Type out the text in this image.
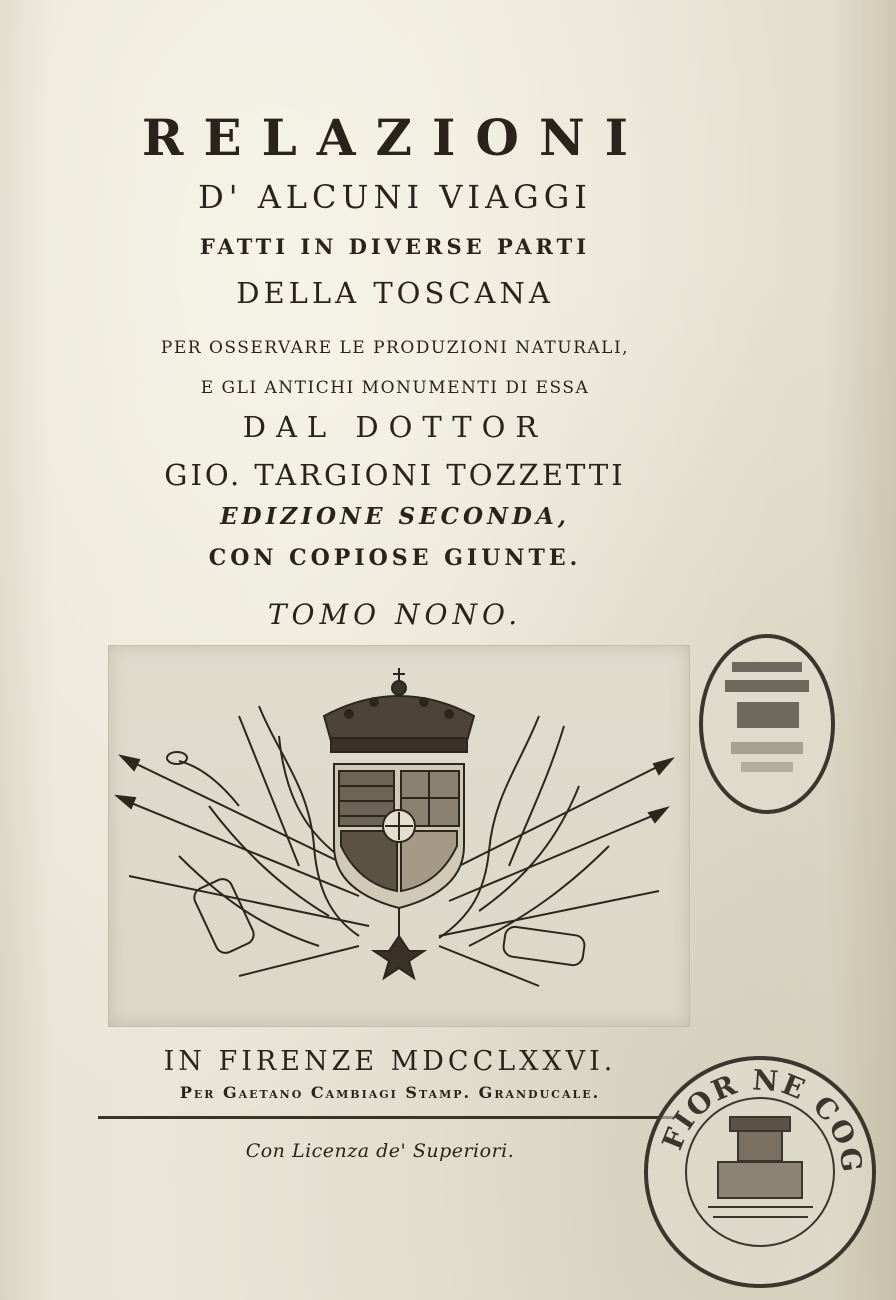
RELAZIONI
D' ALCUNI VIAGGI
FATTI IN DIVERSE PARTI
DELLA TOSCANA
PER OSSERVARE LE PRODUZIONI NATURALI,
E GLI ANTICHI MONUMENTI DI ESSA
DAL DOTTOR
GIO. TARGIONI TOZZETTI
EDIZIONE SECONDA,
CON COPIOSE GIUNTE.
TOMO NONO.
IN FIRENZE MDCCLXXVI.
Per Gaetano Cambiagi Stamp. Granducale.
Con Licenza de' Superiori.	FIOR NE COG
